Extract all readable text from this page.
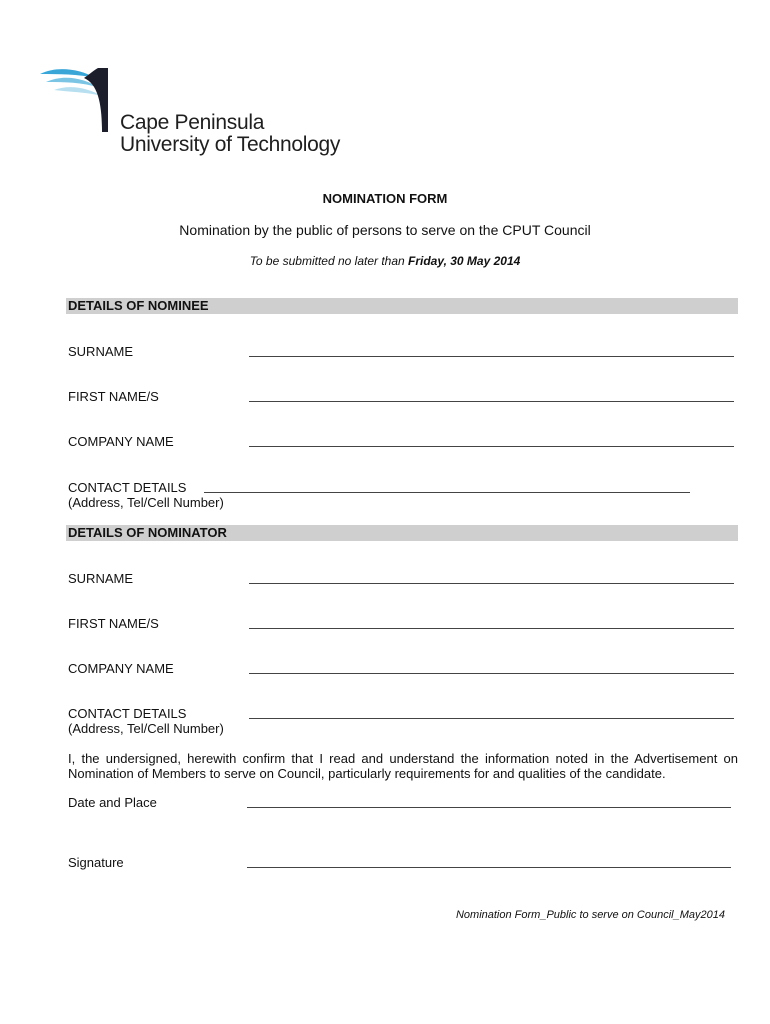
Cape Peninsula
University of Technology
NOMINATION FORM
Nomination by the public of persons to serve on the CPUT Council
To be submitted no later than Friday, 30 May 2014
DETAILS OF NOMINEE
SURNAME
FIRST NAME/S
COMPANY NAME
CONTACT DETAILS
(Address, Tel/Cell Number)
DETAILS OF NOMINATOR
SURNAME
FIRST NAME/S
COMPANY NAME
CONTACT DETAILS
(Address, Tel/Cell Number)
I, the undersigned, herewith confirm that I read and understand the information noted in the Advertisement on Nomination of Members to serve on Council, particularly requirements for and qualities of the candidate.
Date and Place
Signature
Nomination Form_Public to serve on Council_May2014
